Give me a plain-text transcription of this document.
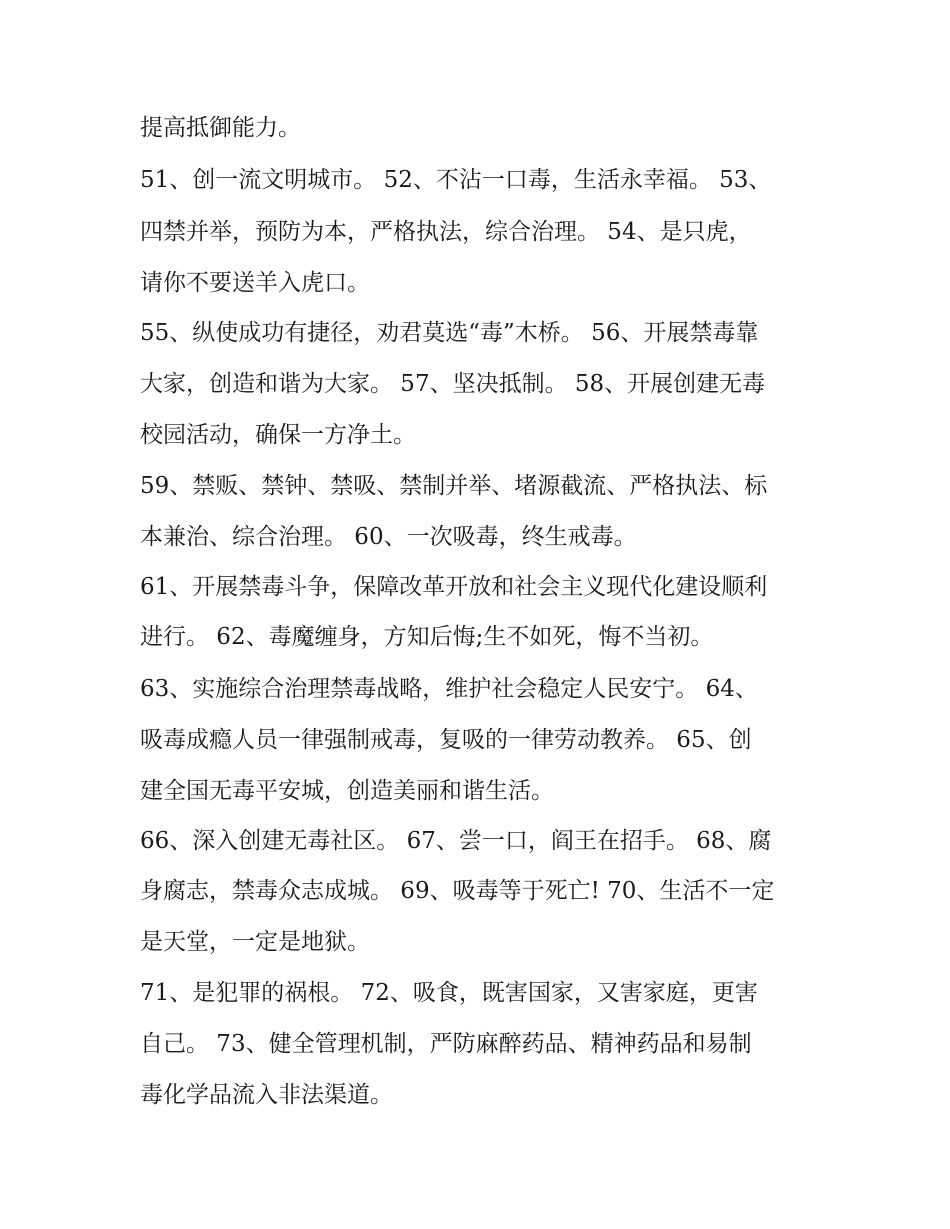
提高抵御能力。
51、创一流文明城市。 52、不沾一口毒，生活永幸福。 53、
四禁并举，预防为本，严格执法，综合治理。 54、是只虎，
请你不要送羊入虎口。
55、纵使成功有捷径，劝君莫选“毒”木桥。 56、开展禁毒靠
大家，创造和谐为大家。 57、坚决抵制。 58、开展创建无毒
校园活动，确保一方净土。
59、禁贩、禁钟、禁吸、禁制并举、堵源截流、严格执法、标
本兼治、综合治理。 60、一次吸毒，终生戒毒。
61、开展禁毒斗争，保障改革开放和社会主义现代化建设顺利
进行。 62、毒魔缠身，方知后悔;生不如死，悔不当初。
63、实施综合治理禁毒战略，维护社会稳定人民安宁。 64、
吸毒成瘾人员一律强制戒毒，复吸的一律劳动教养。 65、创
建全国无毒平安城，创造美丽和谐生活。
66、深入创建无毒社区。 67、尝一口，阎王在招手。 68、腐
身腐志，禁毒众志成城。 69、吸毒等于死亡! 70、生活不一定
是天堂，一定是地狱。
71、是犯罪的祸根。 72、吸食，既害国家，又害家庭，更害
自己。 73、健全管理机制，严防麻醉药品、精神药品和易制
毒化学品流入非法渠道。
